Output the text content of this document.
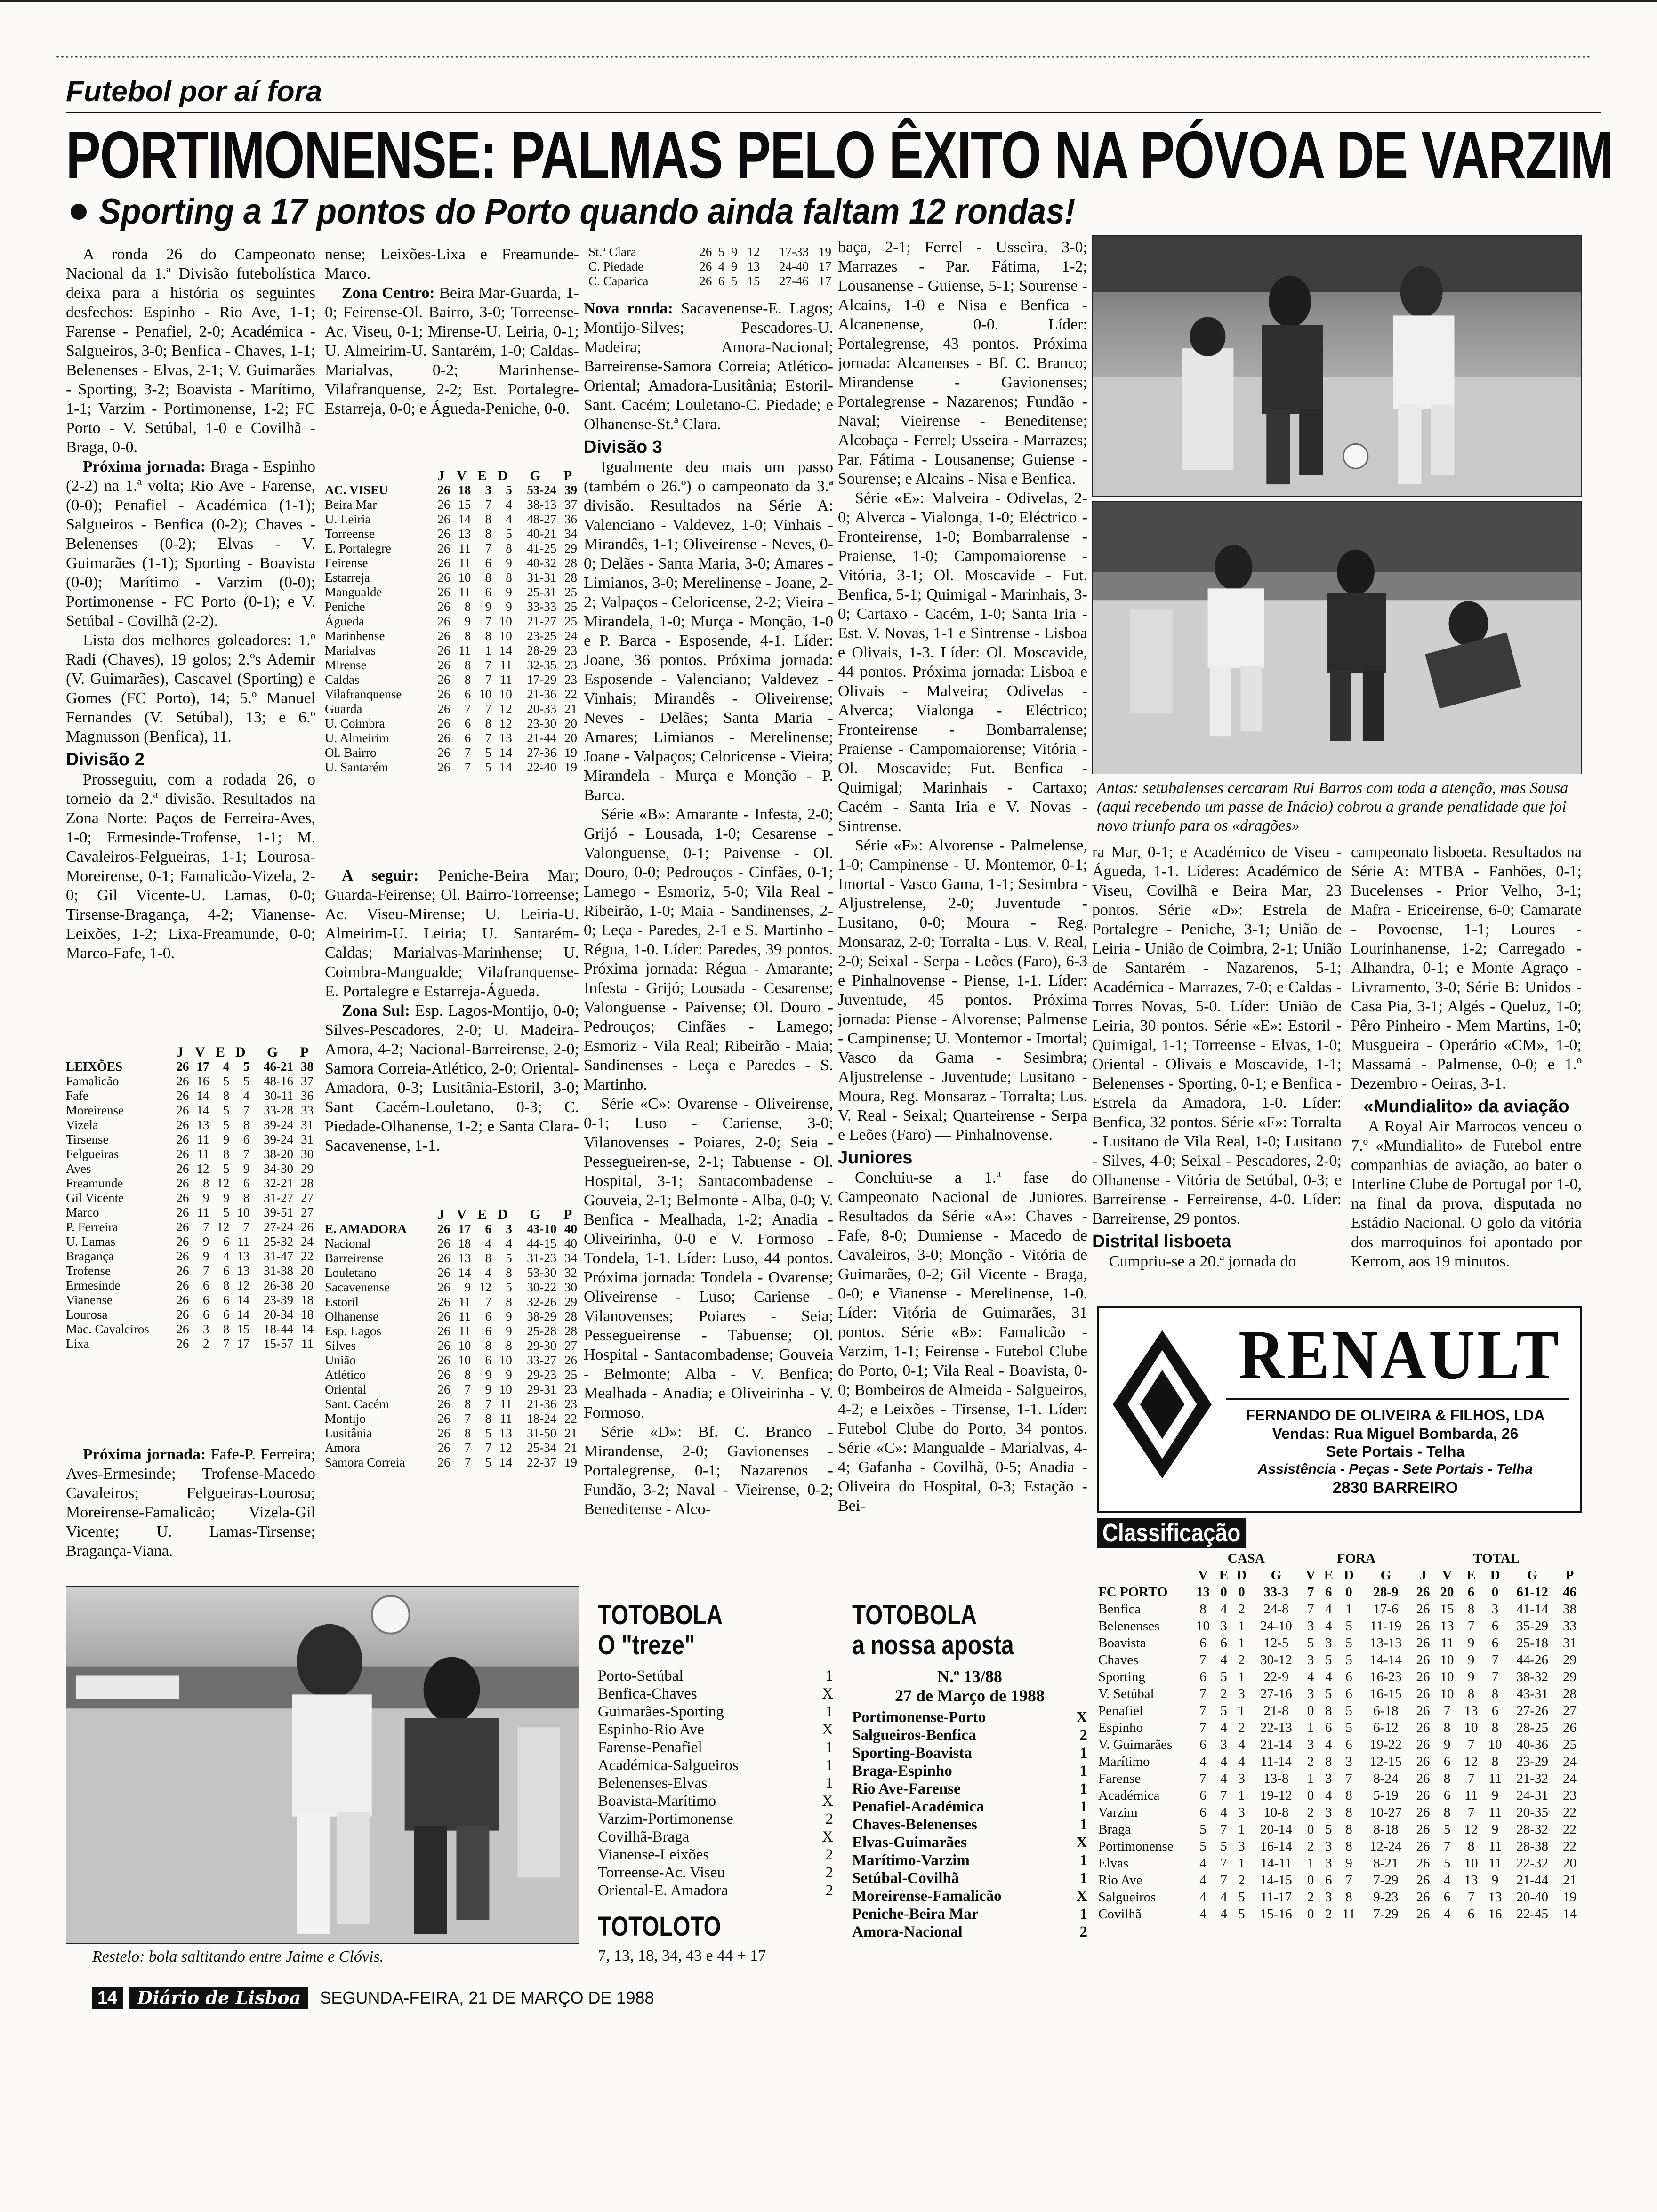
Futebol por aí fora
PORTIMONENSE: PALMAS PELO ÊXITO NA PÓVOA DE VARZIM
Sporting a 17 pontos do Porto quando ainda faltam 12 rondas!

A ronda 26 do Campeonato Nacional da 1.ª Divisão futebolística deixa para a história os seguintes desfechos: Espinho - Rio Ave, 1-1; Farense - Penafiel, 2-0; Académica - Salgueiros, 3-0; Benfica - Chaves, 1-1; Belenenses - Elvas, 2-1; V. Guimarães - Sporting, 3-2; Boavista - Marítimo, 1-1; Varzim - Portimonense, 1-2; FC Porto - V. Setúbal, 1-0 e Covilhã - Braga, 0-0.

Próxima jornada: Braga - Espinho (2-2) na 1.ª volta; Rio Ave - Farense, (0-0); Penafiel - Académica (1-1); Salgueiros - Benfica (0-2); Chaves - Belenenses (0-2); Elvas - V. Guimarães (1-1); Sporting - Boavista (0-0); Marítimo - Varzim (0-0); Portimonense - FC Porto (0-1); e V. Setúbal - Covilhã (2-2).

Lista dos melhores goleadores: 1.º Radi (Chaves), 19 golos; 2.ºs Ademir (V. Guimarães), Cascavel (Sporting) e Gomes (FC Porto), 14; 5.º Manuel Fernandes (V. Setúbal), 13; e 6.º Magnusson (Benfica), 11.

Divisão 2

Prosseguiu, com a rodada 26, o torneio da 2.ª divisão. Resultados na Zona Norte: Paços de Ferreira-Aves, 1-0; Ermesinde-Trofense, 1-1; M. Cavaleiros-Felgueiras, 1-1; Lourosa-Moreirense, 0-1; Famalicão-Vizela, 2-0; Gil Vicente-U. Lamas, 0-0; Tirsense-Bragança, 4-2; Vianense-Leixões, 1-2; Lixa-Freamunde, 0-0; Marco-Fafe, 1-0.

	J	V	E	D	G	P
LEIXÕES	26	17	4	5	46-21	38
Famalicão	26	16	5	5	48-16	37
Fafe	26	14	8	4	30-11	36
Moreirense	26	14	5	7	33-28	33
Vizela	26	13	5	8	39-24	31
Tirsense	26	11	9	6	39-24	31
Felgueiras	26	11	8	7	38-20	30
Aves	26	12	5	9	34-30	29
Freamunde	26	8	12	6	32-21	28
Gil Vicente	26	9	9	8	31-27	27
Marco	26	11	5	10	39-51	27
P. Ferreira	26	7	12	7	27-24	26
U. Lamas	26	9	6	11	25-32	24
Bragança	26	9	4	13	31-47	22
Trofense	26	7	6	13	31-38	20
Ermesinde	26	6	8	12	26-38	20
Vianense	26	6	6	14	23-39	18
Lourosa	26	6	6	14	20-34	18
Mac. Cavaleiros	26	3	8	15	18-44	14
Lixa	26	2	7	17	15-57	11

Próxima jornada: Fafe-P. Ferreira; Aves-Ermesinde; Trofense-Macedo Cavaleiros; Felgueiras-Lourosa; Moreirense-Famalicão; Vizela-Gil Vicente; U. Lamas-Tirsense; Bragança-Viana.

nense; Leixões-Lixa e Freamunde-Marco.

Zona Centro: Beira Mar-Guarda, 1-0; Feirense-Ol. Bairro, 3-0; Torreense-Ac. Viseu, 0-1; Mirense-U. Leiria, 0-1; U. Almeirim-U. Santarém, 1-0; Caldas-Marialvas, 0-2; Marinhense-Vilafranquense, 2-2; Est. Portalegre-Estarreja, 0-0; e Águeda-Peniche, 0-0.

	J	V	E	D	G	P
AC. VISEU	26	18	3	5	53-24	39
Beira Mar	26	15	7	4	38-13	37
U. Leiria	26	14	8	4	48-27	36
Torreense	26	13	8	5	40-21	34
E. Portalegre	26	11	7	8	41-25	29
Feirense	26	11	6	9	40-32	28
Estarreja	26	10	8	8	31-31	28
Mangualde	26	11	6	9	25-31	25
Peniche	26	8	9	9	33-33	25
Águeda	26	9	7	10	21-27	25
Marinhense	26	8	8	10	23-25	24
Marialvas	26	11	1	14	28-29	23
Mirense	26	8	7	11	32-35	23
Caldas	26	8	7	11	17-29	23
Vilafranquense	26	6	10	10	21-36	22
Guarda	26	7	7	12	20-33	21
U. Coimbra	26	6	8	12	23-30	20
U. Almeirim	26	6	7	13	21-44	20
Ol. Bairro	26	7	5	14	27-36	19
U. Santarém	26	7	5	14	22-40	19

A seguir: Peniche-Beira Mar; Guarda-Feirense; Ol. Bairro-Torreense; Ac. Viseu-Mirense; U. Leiria-U. Almeirim-U. Leiria; U. Santarém-Caldas; Marialvas-Marinhense; U. Coimbra-Mangualde; Vilafranquense-E. Portalegre e Estarreja-Águeda.

Zona Sul: Esp. Lagos-Montijo, 0-0; Silves-Pescadores, 2-0; U. Madeira-Amora, 4-2; Nacional-Barreirense, 2-0; Samora Correia-Atlético, 2-0; Oriental-Amadora, 0-3; Lusitânia-Estoril, 3-0; Sant Cacém-Louletano, 0-3; C. Piedade-Olhanense, 1-2; e Santa Clara-Sacavenense, 1-1.

	J	V	E	D	G	P
E. AMADORA	26	17	6	3	43-10	40
Nacional	26	18	4	4	44-15	40
Barreirense	26	13	8	5	31-23	34
Louletano	26	14	4	8	53-30	32
Sacavenense	26	9	12	5	30-22	30
Estoril	26	11	7	8	32-26	29
Olhanense	26	11	6	9	38-29	28
Esp. Lagos	26	11	6	9	25-28	28
Silves	26	10	8	8	29-30	27
União	26	10	6	10	33-27	26
Atlético	26	8	9	9	29-23	25
Oriental	26	7	9	10	29-31	23
Sant. Cacém	26	8	7	11	21-36	23
Montijo	26	7	8	11	18-24	22
Lusitânia	26	8	5	13	31-50	21
Amora	26	7	7	12	25-34	21
Samora Correia	26	7	5	14	22-37	19
Restelo: bola saltitando entre Jaime e Clóvis.
St.ª Clara	26	5	9	12	17-33	19
C. Piedade	26	4	9	13	24-40	17
C. Caparica	26	6	5	15	27-46	17

Nova ronda: Sacavenense-E. Lagos; Montijo-Silves; Pescadores-U. Madeira; Amora-Nacional; Barreirense-Samora Correia; Atlético-Oriental; Amadora-Lusitânia; Estoril-Sant. Cacém; Louletano-C. Piedade; e Olhanense-St.ª Clara.

Divisão 3

Igualmente deu mais um passo (também o 26.º) o campeonato da 3.ª divisão. Resultados na Série A: Valenciano - Valdevez, 1-0; Vinhais - Mirandês, 1-1; Oliveirense - Neves, 0-0; Delães - Santa Maria, 3-0; Amares - Limianos, 3-0; Merelinense - Joane, 2-2; Valpaços - Celoricense, 2-2; Vieira - Mirandela, 1-0; Murça - Monção, 1-0 e P. Barca - Esposende, 4-1. Líder: Joane, 36 pontos. Próxima jornada: Esposende - Valenciano; Valdevez - Vinhais; Mirandês - Oliveirense; Neves - Delães; Santa Maria - Amares; Limianos - Merelinense; Joane - Valpaços; Celoricense - Vieira; Mirandela - Murça e Monção - P. Barca.

Série «B»: Amarante - Infesta, 2-0; Grijó - Lousada, 1-0; Cesarense - Valonguense, 0-1; Paivense - Ol. Douro, 0-0; Pedrouços - Cinfães, 0-1; Lamego - Esmoriz, 5-0; Vila Real - Ribeirão, 1-0; Maia - Sandinenses, 2-0; Leça - Paredes, 2-1 e S. Martinho - Régua, 1-0. Líder: Paredes, 39 pontos. Próxima jornada: Régua - Amarante; Infesta - Grijó; Lousada - Cesarense; Valonguense - Paivense; Ol. Douro - Pedrouços; Cinfães - Lamego; Esmoriz - Vila Real; Ribeirão - Maia; Sandinenses - Leça e Paredes - S. Martinho.

Série «C»: Ovarense - Oliveirense, 0-1; Luso - Cariense, 3-0; Vilanovenses - Poiares, 2-0; Seia - Pessegueiren-se, 2-1; Tabuense - Ol. Hospital, 3-1; Santacombadense - Gouveia, 2-1; Belmonte - Alba, 0-0; V. Benfica - Mealhada, 1-2; Anadia - Oliveirinha, 0-0 e V. Formoso - Tondela, 1-1. Líder: Luso, 44 pontos. Próxima jornada: Tondela - Ovarense; Oliveirense - Luso; Cariense - Vilanovenses; Poiares - Seia; Pessegueirense - Tabuense; Ol. Hospital - Santacombadense; Gouveia - Belmonte; Alba - V. Benfica; Mealhada - Anadia; e Oliveirinha - V. Formoso.

Série «D»: Bf. C. Branco - Mirandense, 2-0; Gavionenses - Portalegrense, 0-1; Nazarenos - Fundão, 3-2; Naval - Vieirense, 0-2; Beneditense - Alco-

TOTOBOLA
O "treze"
Porto-Setúbal	1
Benfica-Chaves	X
Guimarães-Sporting	1
Espinho-Rio Ave	X
Farense-Penafiel	1
Académica-Salgueiros	1
Belenenses-Elvas	1
Boavista-Marítimo	X
Varzim-Portimonense	2
Covilhã-Braga	X
Vianense-Leixões	2
Torreense-Ac. Viseu	2
Oriental-E. Amadora	2
TOTOLOTO
7, 13, 18, 34, 43 e 44 + 17

baça, 2-1; Ferrel - Usseira, 3-0; Marrazes - Par. Fátima, 1-2; Lousanense - Guiense, 5-1; Sourense - Alcains, 1-0 e Nisa e Benfica - Alcanenense, 0-0. Líder: Portalegrense, 43 pontos. Próxima jornada: Alcanenses - Bf. C. Branco; Mirandense - Gavionenses; Portalegrense - Nazarenos; Fundão - Naval; Vieirense - Beneditense; Alcobaça - Ferrel; Usseira - Marrazes; Par. Fátima - Lousanense; Guiense - Sourense; e Alcains - Nisa e Benfica.

Série «E»: Malveira - Odivelas, 2-0; Alverca - Vialonga, 1-0; Eléctrico - Fronteirense, 1-0; Bombarralense - Praiense, 1-0; Campomaiorense - Vitória, 3-1; Ol. Moscavide - Fut. Benfica, 5-1; Quimigal - Marinhais, 3-0; Cartaxo - Cacém, 1-0; Santa Iria - Est. V. Novas, 1-1 e Sintrense - Lisboa e Olivais, 1-3. Líder: Ol. Moscavide, 44 pontos. Próxima jornada: Lisboa e Olivais - Malveira; Odivelas - Alverca; Vialonga - Eléctrico; Fronteirense - Bombarralense; Praiense - Campomaiorense; Vitória - Ol. Moscavide; Fut. Benfica - Quimigal; Marinhais - Cartaxo; Cacém - Santa Iria e V. Novas - Sintrense.

Série «F»: Alvorense - Palmelense, 1-0; Campinense - U. Montemor, 0-1; Imortal - Vasco Gama, 1-1; Sesimbra - Aljustrelense, 2-0; Juventude - Lusitano, 0-0; Moura - Reg. Monsaraz, 2-0; Torralta - Lus. V. Real, 2-0; Seixal - Serpa - Leões (Faro), 6-3 e Pinhalnovense - Piense, 1-1. Líder: Juventude, 45 pontos. Próxima jornada: Piense - Alvorense; Palmense - Campinense; U. Montemor - Imortal; Vasco da Gama - Sesimbra; Aljustrelense - Juventude; Lusitano - Moura, Reg. Monsaraz - Torralta; Lus. V. Real - Seixal; Quarteirense - Serpa e Leões (Faro) — Pinhalnovense.

Juniores

Concluiu-se a 1.ª fase do Campeonato Nacional de Juniores. Resultados da Série «A»: Chaves - Fafe, 8-0; Dumiense - Macedo de Cavaleiros, 3-0; Monção - Vitória de Guimarães, 0-2; Gil Vicente - Braga, 0-0; e Vianense - Merelinense, 1-0. Líder: Vitória de Guimarães, 31 pontos. Série «B»: Famalicão - Varzim, 1-1; Feirense - Futebol Clube do Porto, 0-1; Vila Real - Boavista, 0-0; Bombeiros de Almeida - Salgueiros, 4-2; e Leixões - Tirsense, 1-1. Líder: Futebol Clube do Porto, 34 pontos. Série «C»: Mangualde - Marialvas, 4-4; Gafanha - Covilhã, 0-5; Anadia - Oliveira do Hospital, 0-3; Estação - Bei-

TOTOBOLA
a nossa aposta
N.º 13/88
27 de Março de 1988
Portimonense-Porto	X
Salgueiros-Benfica	2
Sporting-Boavista	1
Braga-Espinho	1
Rio Ave-Farense	1
Penafiel-Académica	1
Chaves-Belenenses	1
Elvas-Guimarães	X
Marítimo-Varzim	1
Setúbal-Covilhã	1
Moreirense-Famalicão	X
Peniche-Beira Mar	1
Amora-Nacional	2
Antas: setubalenses cercaram Rui Barros com toda a atenção, mas Sousa (aqui recebendo um passe de Inácio) cobrou a grande penalidade que foi novo triunfo para os «dragões»

ra Mar, 0-1; e Académico de Viseu - Águeda, 1-1. Líderes: Académico de Viseu, Covilhã e Beira Mar, 23 pontos. Série «D»: Estrela de Portalegre - Peniche, 3-1; União de Leiria - União de Coimbra, 2-1; União de Santarém - Nazarenos, 5-1; Académica - Marrazes, 7-0; e Caldas - Torres Novas, 5-0. Líder: União de Leiria, 30 pontos. Série «E»: Estoril - Quimigal, 1-1; Torreense - Elvas, 1-0; Oriental - Olivais e Moscavide, 1-1; Belenenses - Sporting, 0-1; e Benfica - Estrela da Amadora, 1-0. Líder: Benfica, 32 pontos. Série «F»: Torralta - Lusitano de Vila Real, 1-0; Lusitano - Silves, 4-0; Seixal - Pescadores, 2-0; Olhanense - Vitória de Setúbal, 0-3; e Barreirense - Ferreirense, 4-0. Líder: Barreirense, 29 pontos.

Distrital lisboeta

Cumpriu-se a 20.ª jornada do

campeonato lisboeta. Resultados na Série A: MTBA - Fanhões, 0-1; Bucelenses - Prior Velho, 3-1; Mafra - Ericeirense, 6-0; Camarate - Povoense, 1-1; Loures - Lourinhanense, 1-2; Carregado - Alhandra, 0-1; e Monte Agraço - Livramento, 3-0; Série B: Unidos - Casa Pia, 3-1; Algés - Queluz, 1-0; Pêro Pinheiro - Mem Martins, 1-0; Musgueira - Operário «CM», 1-0; Massamá - Palmense, 0-0; e 1.º Dezembro - Oeiras, 3-1.

«Mundialito» da aviação

A Royal Air Marrocos venceu o 7.º «Mundialito» de Futebol entre companhias de aviação, ao bater o Interline Clube de Portugal por 1-0, na final da prova, disputada no Estádio Nacional. O golo da vitória dos marroquinos foi apontado por Kerrom, aos 19 minutos.

RENAULT
FERNANDO DE OLIVEIRA & FILHOS, LDA
Vendas: Rua Miguel Bombarda, 26
Sete Portais - Telha
Assistência - Peças - Sete Portais - Telha
2830 BARREIRO
Classificação
	CASA				FORA				TOTAL					
	V	E	D	G	V	E	D	G	J	V	E	D	G	P
FC PORTO	13	0	0	33-3	7	6	0	28-9	26	20	6	0	61-12	46
Benfica	8	4	2	24-8	7	4	1	17-6	26	15	8	3	41-14	38
Belenenses	10	3	1	24-10	3	4	5	11-19	26	13	7	6	35-29	33
Boavista	6	6	1	12-5	5	3	5	13-13	26	11	9	6	25-18	31
Chaves	7	4	2	30-12	3	5	5	14-14	26	10	9	7	44-26	29
Sporting	6	5	1	22-9	4	4	6	16-23	26	10	9	7	38-32	29
V. Setúbal	7	2	3	27-16	3	5	6	16-15	26	10	8	8	43-31	28
Penafiel	7	5	1	21-8	0	8	5	6-18	26	7	13	6	27-26	27
Espinho	7	4	2	22-13	1	6	5	6-12	26	8	10	8	28-25	26
V. Guimarães	6	3	4	21-14	3	4	6	19-22	26	9	7	10	40-36	25
Marítimo	4	4	4	11-14	2	8	3	12-15	26	6	12	8	23-29	24
Farense	7	4	3	13-8	1	3	7	8-24	26	8	7	11	21-32	24
Académica	6	7	1	19-12	0	4	8	5-19	26	6	11	9	24-31	23
Varzim	6	4	3	10-8	2	3	8	10-27	26	8	7	11	20-35	22
Braga	5	7	1	20-14	0	5	8	8-18	26	5	12	9	28-32	22
Portimonense	5	5	3	16-14	2	3	8	12-24	26	7	8	11	28-38	22
Elvas	4	7	1	14-11	1	3	9	8-21	26	5	10	11	22-32	20
Rio Ave	4	7	2	14-15	0	6	7	7-29	26	4	13	9	21-44	21
Salgueiros	4	4	5	11-17	2	3	8	9-23	26	6	7	13	20-40	19
Covilhã	4	4	5	15-16	0	2	11	7-29	26	4	6	16	22-45	14
14	Diário de Lisboa	SEGUNDA-FEIRA, 21 DE MARÇO DE 1988
